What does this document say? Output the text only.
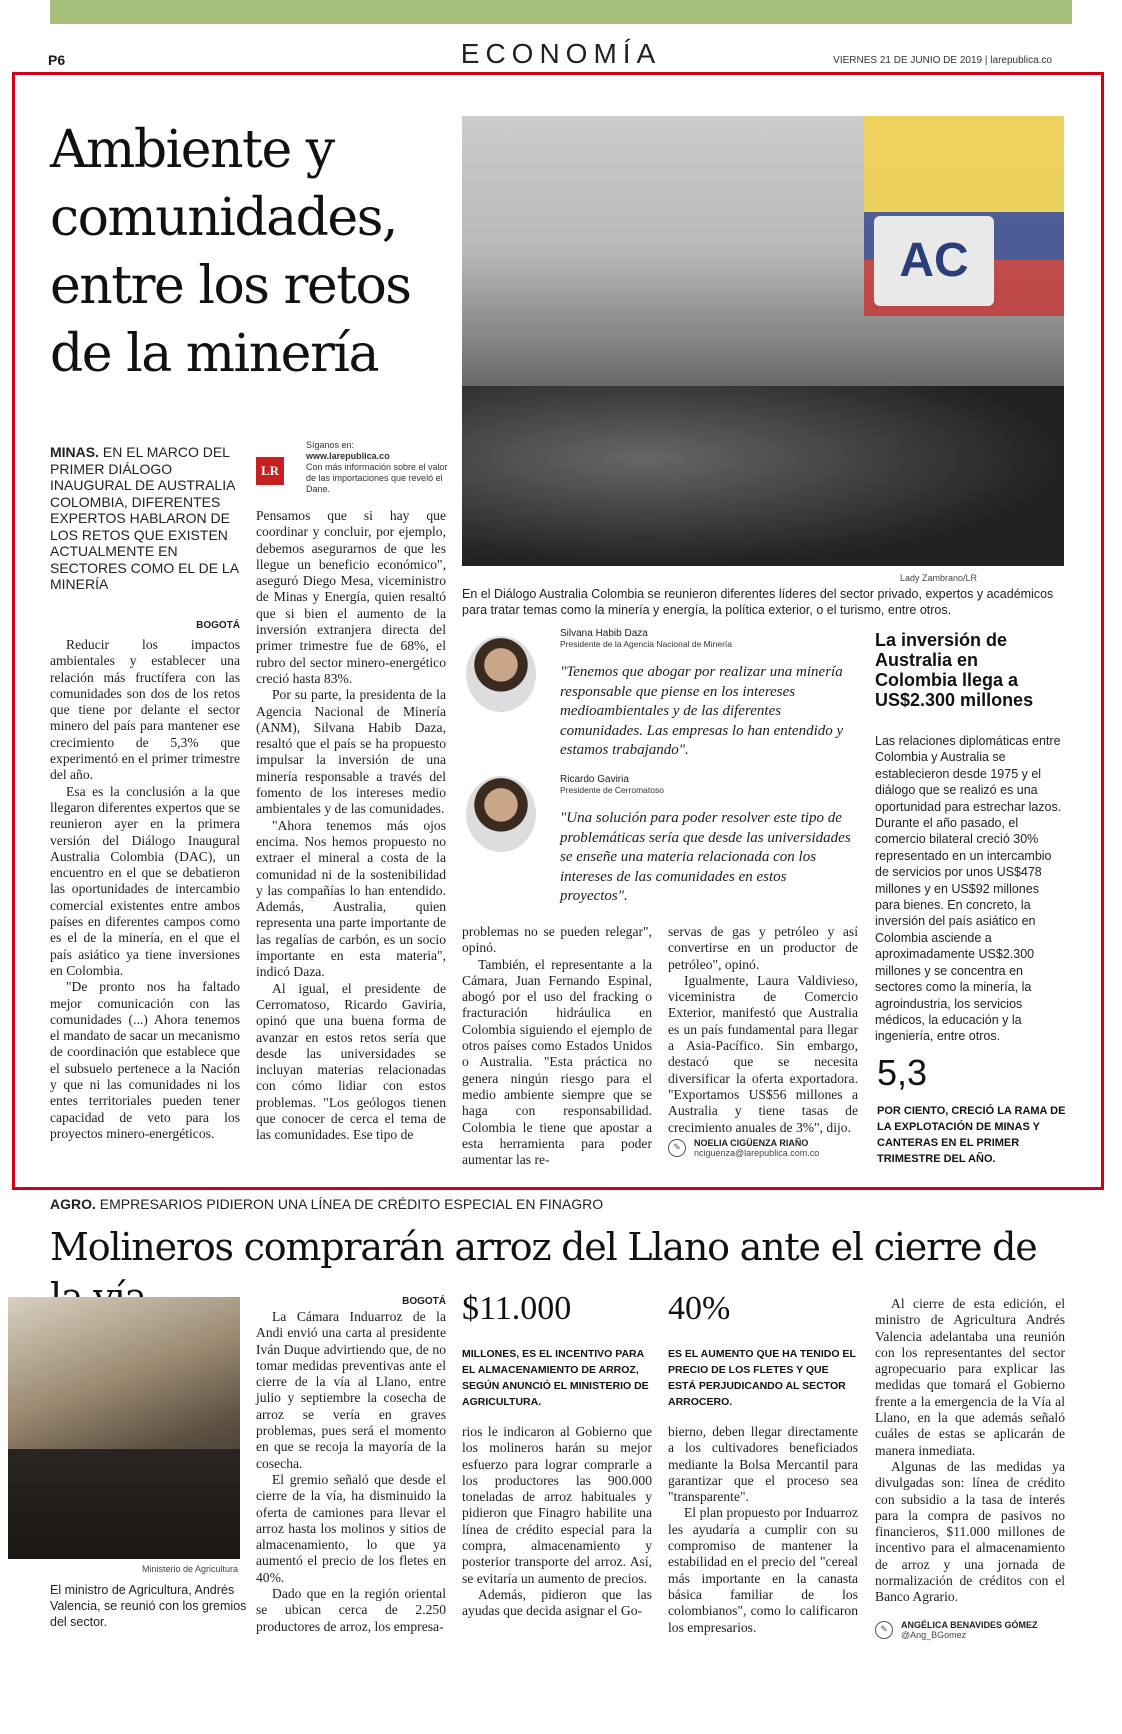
P6	ECONOMÍA	VIERNES 21 DE JUNIO DE 2019 | larepublica.co
Ambiente y comunidades, entre los retos de la minería
MINAS. EN EL MARCO DEL PRIMER DIÁLOGO INAUGURAL DE AUSTRALIA COLOMBIA, DIFERENTES EXPERTOS HABLARON DE LOS RETOS QUE EXISTEN ACTUALMENTE EN SECTORES COMO EL DE LA MINERÍA
LR
Síganos en:
www.larepublica.co
Con más información sobre el valor de las importaciones que reveló el Dane.

BOGOTÁ

Reducir los impactos ambientales y establecer una relación más fructífera con las comunidades son dos de los retos que tiene por delante el sector minero del país para mantener ese crecimiento de 5,3% que experimentó en el primer trimestre del año.

Esa es la conclusión a la que llegaron diferentes expertos que se reunieron ayer en la primera versión del Diálogo Inaugural Australia Colombia (DAC), un encuentro en el que se debatieron las oportunidades de intercambio comercial existentes entre ambos países en diferentes campos como es el de la minería, en el que el país asiático ya tiene inversiones en Colombia.

"De pronto nos ha faltado mejor comunicación con las comunidades (...) Ahora tenemos el mandato de sacar un mecanismo de coordinación que establece que el subsuelo pertenece a la Nación y que ni las comunidades ni los entes territoriales pueden tener capacidad de veto para los proyectos minero-energéticos.

Pensamos que si hay que coordinar y concluir, por ejemplo, debemos asegurarnos de que les llegue un beneficio económico", aseguró Diego Mesa, viceministro de Minas y Energía, quien resaltó que si bien el aumento de la inversión extranjera directa del primer trimestre fue de 68%, el rubro del sector minero-energético creció hasta 83%.

Por su parte, la presidenta de la Agencia Nacional de Minería (ANM), Silvana Habib Daza, resaltó que el país se ha propuesto impulsar la inversión de una minería responsable a través del fomento de los intereses medio ambientales y de las comunidades.

"Ahora tenemos más ojos encima. Nos hemos propuesto no extraer el mineral a costa de la comunidad ni de la sostenibilidad y las compañías lo han entendido. Además, Australia, quien representa una parte importante de las regalías de carbón, es un socio importante en esta materia", indicó Daza.

Al igual, el presidente de Cerromatoso, Ricardo Gaviria, opinó que una buena forma de avanzar en estos retos sería que desde las universidades se incluyan materias relacionadas con cómo lidiar con estos problemas. "Los geólogos tienen que conocer de cerca el tema de las comunidades. Ese tipo de

AC
Lady Zambrano/LR
En el Diálogo Australia Colombia se reunieron diferentes líderes del sector privado, expertos y académicos para tratar temas como la minería y energía, la política exterior, o el turismo, entre otros.
Silvana Habib Daza
Presidente de la Agencia Nacional de Minería
"Tenemos que abogar por realizar una minería responsable que piense en los intereses medioambientales y de las diferentes comunidades. Las empresas lo han entendido y estamos trabajando".
Ricardo Gaviria
Presidente de Cerromatoso
"Una solución para poder resolver este tipo de problemáticas sería que desde las universidades se enseñe una materia relacionada con los intereses de las comunidades en estos proyectos".

problemas no se pueden relegar", opinó.

También, el representante a la Cámara, Juan Fernando Espinal, abogó por el uso del fracking o fracturación hidráulica en Colombia siguiendo el ejemplo de otros países como Estados Unidos o Australia. "Esta práctica no genera ningún riesgo para el medio ambiente siempre que se haga con responsabilidad. Colombia le tiene que apostar a esta herramienta para poder aumentar las re-

servas de gas y petróleo y así convertirse en un productor de petróleo", opinó.

Igualmente, Laura Valdivieso, viceministra de Comercio Exterior, manifestó que Australia es un país fundamental para llegar a Asia-Pacífico. Sin embargo, destacó que se necesita diversificar la oferta exportadora. "Exportamos US$56 millones a Australia y tiene tasas de crecimiento anuales de 3%", dijo.

✎	NOELIA CIGÜENZA RIAÑO
nciguenza@larepublica.com.co
La inversión de Australia en Colombia llega a US$2.300 millones
Las relaciones diplomáticas entre Colombia y Australia se establecieron desde 1975 y el diálogo que se realizó es una oportunidad para estrechar lazos. Durante el año pasado, el comercio bilateral creció 30% representado en un intercambio de servicios por unos US$478 millones y en US$92 millones para bienes. En concreto, la inversión del país asiático en Colombia asciende a aproximadamente US$2.300 millones y se concentra en sectores como la minería, la agroindustria, los servicios médicos, la educación y la ingeniería, entre otros.
5,3
POR CIENTO, CRECIÓ LA RAMA DE LA EXPLOTACIÓN DE MINAS Y CANTERAS EN EL PRIMER TRIMESTRE DEL AÑO.
AGRO. EMPRESARIOS PIDIERON UNA LÍNEA DE CRÉDITO ESPECIAL EN FINAGRO
Molineros comprarán arroz del Llano ante el cierre de
Ministerio de Agricultura
El ministro de Agricultura, Andrés Valencia, se reunió con los gremios del sector.

BOGOTÁ

La Cámara Induarroz de la Andi envió una carta al presidente Iván Duque advirtiendo que, de no tomar medidas preventivas ante el cierre de la vía al Llano, entre julio y septiembre la cosecha de arroz se vería en graves problemas, pues será el momento en que se recoja la mayoría de la cosecha.

El gremio señaló que desde el cierre de la vía, ha disminuido la oferta de camiones para llevar el arroz hasta los molinos y sitios de almacenamiento, lo que ya aumentó el precio de los fletes en 40%.

Dado que en la región oriental se ubican cerca de 2.250 productores de arroz, los empresa-

$11.000
MILLONES, ES EL INCENTIVO PARA EL ALMACENAMIENTO DE ARROZ, SEGÚN ANUNCIÓ EL MINISTERIO DE AGRICULTURA.

rios le indicaron al Gobierno que los molineros harán su mejor esfuerzo para lograr comprarle a los productores las 900.000 toneladas de arroz habituales y pidieron que Finagro habilite una línea de crédito especial para la compra, almacenamiento y posterior transporte del arroz. Así, se evitaría un aumento de precios.

Además, pidieron que las ayudas que decida asignar el Go-

40%
ES EL AUMENTO QUE HA TENIDO EL PRECIO DE LOS FLETES Y QUE ESTÁ PERJUDICANDO AL SECTOR ARROCERO.

bierno, deben llegar directamente a los cultivadores beneficiados mediante la Bolsa Mercantil para garantizar que el proceso sea "transparente".

El plan propuesto por Induarroz les ayudaría a cumplir con su compromiso de mantener la estabilidad en el precio del "cereal más importante en la canasta básica familiar de los colombianos", como lo calificaron los empresarios.

Al cierre de esta edición, el ministro de Agricultura Andrés Valencia adelantaba una reunión con los representantes del sector agropecuario para explicar las medidas que tomará el Gobierno frente a la emergencia de la Vía al Llano, en la que además señaló cuáles de estas se aplicarán de manera inmediata.

Algunas de las medidas ya divulgadas son: línea de crédito con subsidio a la tasa de interés para la compra de pasivos no financieros, $11.000 millones de incentivo para el almacenamiento de arroz y una jornada de normalización de créditos con el Banco Agrario.

✎	ANGÉLICA BENAVIDES GÓMEZ
@Ang_BGomez
